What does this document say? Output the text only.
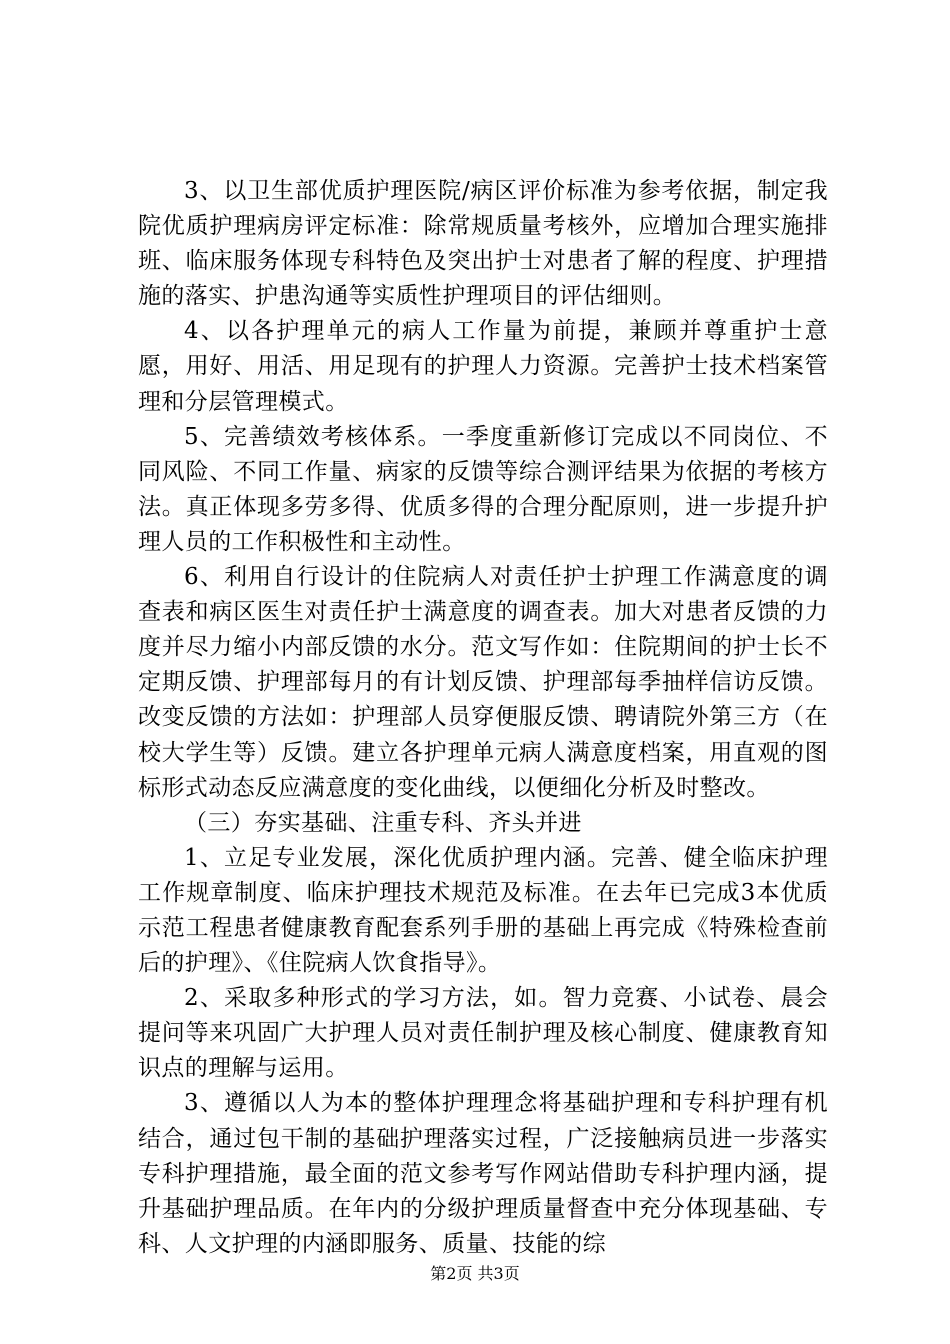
3、以卫生部优质护理医院/病区评价标准为参考依据，制定我院优质护理病房评定标准：除常规质量考核外，应增加合理实施排班、临床服务体现专科特色及突出护士对患者了解的程度、护理措施的落实、护患沟通等实质性护理项目的评估细则。

4、以各护理单元的病人工作量为前提，兼顾并尊重护士意愿，用好、用活、用足现有的护理人力资源。完善护士技术档案管理和分层管理模式。

5、完善绩效考核体系。一季度重新修订完成以不同岗位、不同风险、不同工作量、病家的反馈等综合测评结果为依据的考核方法。真正体现多劳多得、优质多得的合理分配原则，进一步提升护理人员的工作积极性和主动性。

6、利用自行设计的住院病人对责任护士护理工作满意度的调查表和病区医生对责任护士满意度的调查表。加大对患者反馈的力度并尽力缩小内部反馈的水分。范文写作如：住院期间的护士长不定期反馈、护理部每月的有计划反馈、护理部每季抽样信访反馈。改变反馈的方法如：护理部人员穿便服反馈、聘请院外第三方（在校大学生等）反馈。建立各护理单元病人满意度档案，用直观的图标形式动态反应满意度的变化曲线，以便细化分析及时整改。

（三）夯实基础、注重专科、齐头并进

1、立足专业发展，深化优质护理内涵。完善、健全临床护理工作规章制度、临床护理技术规范及标准。在去年已完成3本优质示范工程患者健康教育配套系列手册的基础上再完成《特殊检查前后的护理》、《住院病人饮食指导》。

2、采取多种形式的学习方法，如。智力竞赛、小试卷、晨会提问等来巩固广大护理人员对责任制护理及核心制度、健康教育知识点的理解与运用。

3、遵循以人为本的整体护理理念将基础护理和专科护理有机结合，通过包干制的基础护理落实过程，广泛接触病员进一步落实专科护理措施，最全面的范文参考写作网站借助专科护理内涵，提升基础护理品质。在年内的分级护理质量督查中充分体现基础、专科、人文护理的内涵即服务、质量、技能的综

第2页 共3页
